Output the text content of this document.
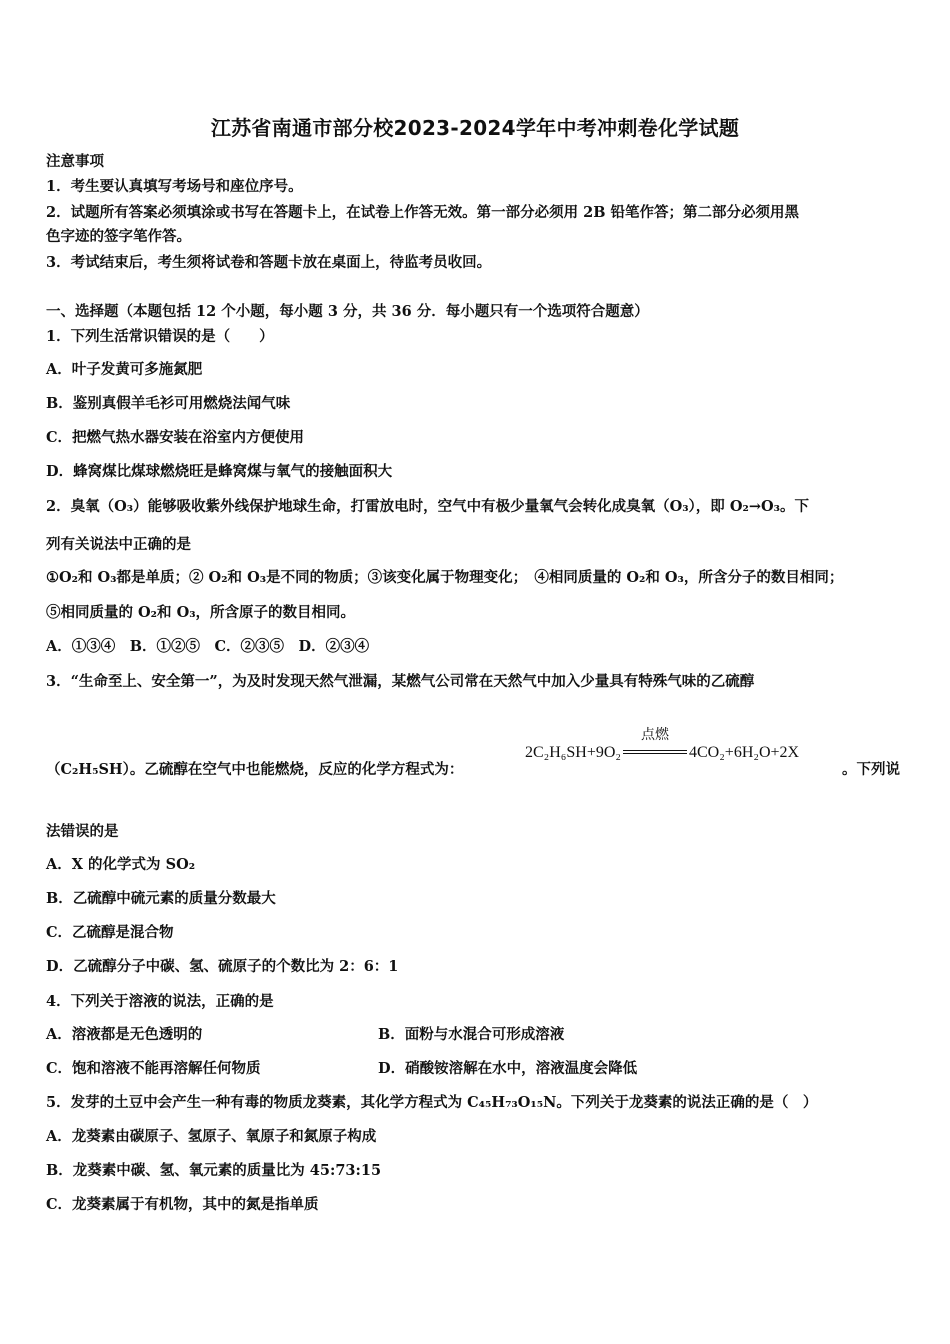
江苏省南通市部分校2023-2024学年中考冲刺卷化学试题
注意事项
1．考生要认真填写考场号和座位序号。
2．试题所有答案必须填涂或书写在答题卡上，在试卷上作答无效。第一部分必须用 2B 铅笔作答；第二部分必须用黑
色字迹的签字笔作答。
3．考试结束后，考生须将试卷和答题卡放在桌面上，待监考员收回。
一、选择题（本题包括 12 个小题，每小题 3 分，共 36 分．每小题只有一个选项符合题意）
1．下列生活常识错误的是（　　）
A．叶子发黄可多施氮肥
B．鉴别真假羊毛衫可用燃烧法闻气味
C．把燃气热水器安装在浴室内方便使用
D．蜂窝煤比煤球燃烧旺是蜂窝煤与氧气的接触面积大
2．臭氧（O₃）能够吸收紫外线保护地球生命，打雷放电时，空气中有极少量氧气会转化成臭氧（O₃），即 O₂→O₃。下
列有关说法中正确的是
①O₂和 O₃都是单质；② O₂和 O₃是不同的物质；③该变化属于物理变化；　④相同质量的 O₂和 O₃，所含分子的数目相同；
⑤相同质量的 O₂和 O₃，所含原子的数目相同。
A．①③④　B．①②⑤　C．②③⑤　D．②③④
3．“生命至上、安全第一”，为及时发现天然气泄漏，某燃气公司常在天然气中加入少量具有特殊气味的乙硫醇
（C₂H₅SH）。乙硫醇在空气中也能燃烧，反应的化学方程式为：
2C₂H₆SH+9O₂
点燃
4CO₂+6H₂O+2X
。下列说
法错误的是
A．X 的化学式为 SO₂
B．乙硫醇中硫元素的质量分数最大
C．乙硫醇是混合物
D．乙硫醇分子中碳、氢、硫原子的个数比为 2：6：1
4．下列关于溶液的说法，正确的是
A．溶液都是无色透明的	B．面粉与水混合可形成溶液
C．饱和溶液不能再溶解任何物质	D．硝酸铵溶解在水中，溶液温度会降低
5．发芽的土豆中会产生一种有毒的物质龙葵素，其化学方程式为 C₄₅H₇₃O₁₅N。下列关于龙葵素的说法正确的是（　）
A．龙葵素由碳原子、氢原子、氧原子和氮原子构成
B．龙葵素中碳、氢、氧元素的质量比为 45:73:15
C．龙葵素属于有机物，其中的氮是指单质
